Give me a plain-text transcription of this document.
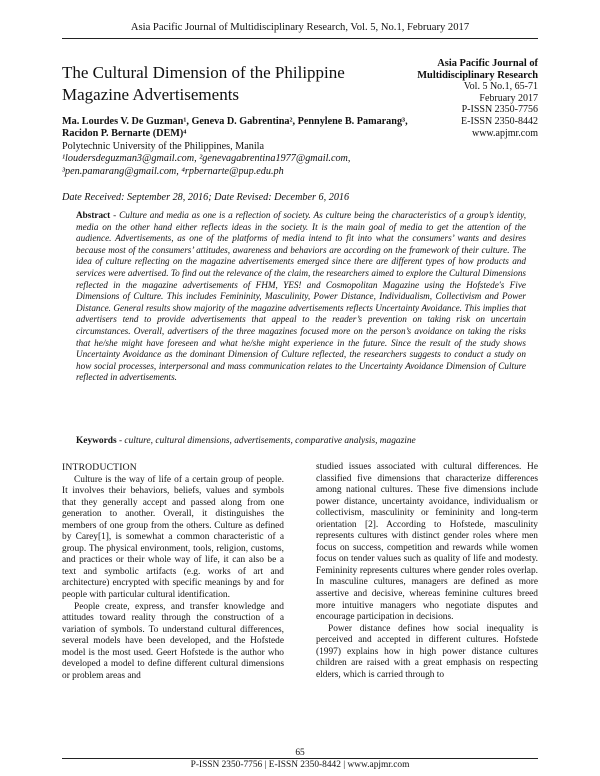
Asia Pacific Journal of Multidisciplinary Research, Vol. 5, No.1, February 2017
The Cultural Dimension of the Philippine Magazine Advertisements
Asia Pacific Journal of
Multidisciplinary Research
Vol. 5 No.1, 65-71
February 2017
P-ISSN 2350-7756
E-ISSN 2350-8442
www.apjmr.com
Ma. Lourdes V. De Guzman¹, Geneva D. Gabrentina², Pennylene B. Pamarang³, Racidon P. Bernarte (DEM)⁴
Polytechnic University of the Philippines, Manila
¹loudersdeguzman3@gmail.com, ²genevagabrentina1977@gmail.com,
³pen.pamarang@gmail.com, ⁴rpbernarte@pup.edu.ph
Date Received: September 28, 2016; Date Revised: December 6, 2016
Abstract - Culture and media as one is a reflection of society. As culture being the characteristics of a group’s identity, media on the other hand either reflects ideas in the society. It is the main goal of media to get the attention of the audience. Advertisements, as one of the platforms of media intend to fit into what the consumers’ wants and desires because most of the consumers’ attitudes, awareness and behaviors are according on the framework of their culture. The idea of culture reflecting on the magazine advertisements emerged since there are different types of how products and services were advertised. To find out the relevance of the claim, the researchers aimed to explore the Cultural Dimensions reflected in the magazine advertisements of FHM, YES! and Cosmopolitan Magazine using the Hofstede's Five Dimensions of Culture. This includes Femininity, Masculinity, Power Distance, Individualism, Collectivism and Power Distance. General results show majority of the magazine advertisements reflects Uncertainty Avoidance. This implies that advertisers tend to provide advertisements that appeal to the reader’s prevention on taking risk on uncertain circumstances. Overall, advertisers of the three magazines focused more on the person’s avoidance on taking the risks that he/she might have foreseen and what he/she might experience in the future. Since the result of the study shows Uncertainty Avoidance as the dominant Dimension of Culture reflected, the researchers suggests to conduct a study on how social processes, interpersonal and mass communication relates to the Uncertainty Avoidance Dimension of Culture reflected in advertisements.
Keywords - culture, cultural dimensions, advertisements, comparative analysis, magazine

INTRODUCTION

Culture is the way of life of a certain group of people. It involves their behaviors, beliefs, values and symbols that they generally accept and passed along from one generation to another. Overall, it distinguishes the members of one group from the others. Culture as defined by Carey[1], is somewhat a common characteristic of a group. The physical environment, tools, religion, customs, and practices or their whole way of life, it can also be a text and symbolic artifacts (e.g. works of art and architecture) encrypted with specific meanings by and for people with particular cultural identification.

People create, express, and transfer knowledge and attitudes toward reality through the construction of a variation of symbols. To understand cultural differences, several models have been developed, and the Hofstede model is the most used. Geert Hofstede is the author who developed a model to define different cultural dimensions or problem areas and

studied issues associated with cultural differences. He classified five dimensions that characterize differences among national cultures. These five dimensions include power distance, uncertainty avoidance, individualism or collectivism, masculinity or femininity and long-term orientation [2]. According to Hofstede, masculinity represents cultures with distinct gender roles where men focus on success, competition and rewards while women focus on tender values such as quality of life and modesty. Femininity represents cultures where gender roles overlap. In masculine cultures, managers are defined as more assertive and decisive, whereas feminine cultures breed more intuitive managers who negotiate disputes and encourage participation in decisions.

Power distance defines how social inequality is perceived and accepted in different cultures. Hofstede (1997) explains how in high power distance cultures children are raised with a great emphasis on respecting elders, which is carried through to

65
P-ISSN 2350-7756 | E-ISSN 2350-8442 | www.apjmr.com
